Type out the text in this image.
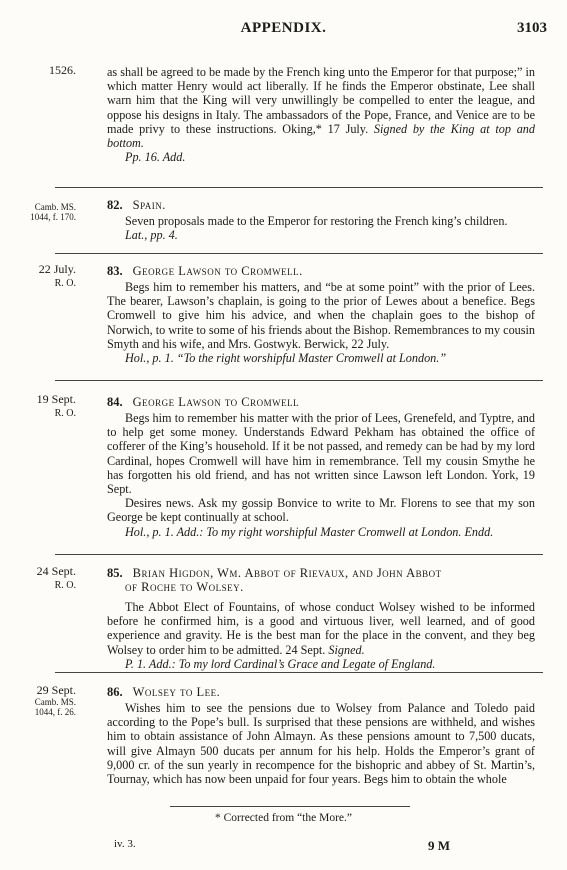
APPENDIX.	3103
1526.	as shall be agreed to be made by the French king unto the Emperor for that purpose;” in which matter Henry would act liberally. If he finds the Emperor obstinate, Lee shall warn him that the King will very unwillingly be compelled to enter the league, and oppose his designs in Italy. The ambassadors of the Pope, France, and Venice are to be made privy to these instructions. Oking,* 17 July. Signed by the King at top and bottom.

Pp. 16. Add.

Camb. MS.
1044, f. 170.
82. Spain.

Seven proposals made to the Emperor for restoring the French king’s children.

Lat., pp. 4.

22 July.
R. O.
83. George Lawson to Cromwell.

Begs him to remember his matters, and “be at some point” with the prior of Lees. The bearer, Lawson’s chaplain, is going to the prior of Lewes about a benefice. Begs Cromwell to give him his advice, and when the chaplain goes to the bishop of Norwich, to write to some of his friends about the Bishop. Remembrances to my cousin Smyth and his wife, and Mrs. Gostwyk. Berwick, 22 July.

Hol., p. 1. “To the right worshipful Master Cromwell at London.”

19 Sept.
R. O.
84. George Lawson to Cromwell

Begs him to remember his matter with the prior of Lees, Grenefeld, and Typtre, and to help get some money. Understands Edward Pekham has obtained the office of cofferer of the King’s household. If it be not passed, and remedy can be had by my lord Cardinal, hopes Cromwell will have him in remembrance. Tell my cousin Smythe he has forgotten his old friend, and has not written since Lawson left London. York, 19 Sept.

Desires news. Ask my gossip Bonvice to write to Mr. Florens to see that my son George be kept continually at school.

Hol., p. 1. Add.: To my right worshipful Master Cromwell at London. Endd.

24 Sept.
R. O.
85. Brian Higdon, Wm. Abbot of Rievaux, and John Abbot
of Roche to Wolsey.

The Abbot Elect of Fountains, of whose conduct Wolsey wished to be informed before he confirmed him, is a good and virtuous liver, well learned, and of good experience and gravity. He is the best man for the place in the convent, and they beg Wolsey to order him to be admitted. 24 Sept. Signed.

P. 1. Add.: To my lord Cardinal’s Grace and Legate of England.

29 Sept.
Camb. MS.
1044, f. 26.
86. Wolsey to Lee.

Wishes him to see the pensions due to Wolsey from Palance and Toledo paid according to the Pope’s bull. Is surprised that these pensions are withheld, and wishes him to obtain assistance of John Almayn. As these pensions amount to 7,500 ducats, will give Almayn 500 ducats per annum for his help. Holds the Emperor’s grant of 9,000 cr. of the sun yearly in recompence for the bishopric and abbey of St. Martin’s, Tournay, which has now been unpaid for four years. Begs him to obtain the whole

* Corrected from “the More.”
iv. 3.	9 M
